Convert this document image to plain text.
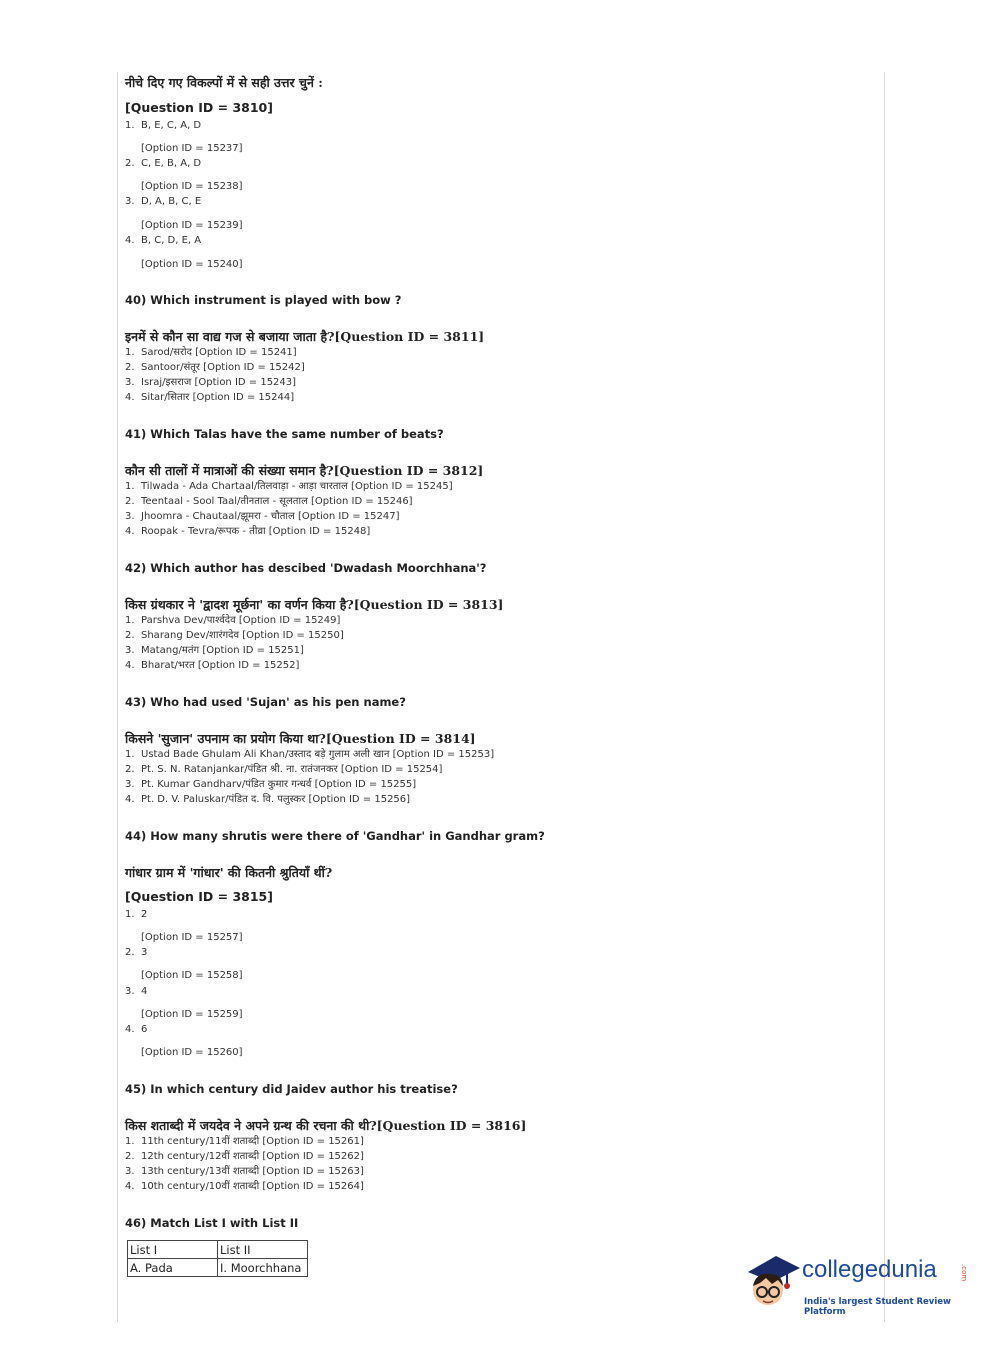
नीचे दिए गए विकल्पों में से सही उत्तर चुनें :
[Question ID = 3810]
1. B, E, C, A, D
[Option ID = 15237]
2. C, E, B, A, D
[Option ID = 15238]
3. D, A, B, C, E
[Option ID = 15239]
4. B, C, D, E, A
[Option ID = 15240]
40) Which instrument is played with bow ?
इनमें से कौन सा वाद्य गज से बजाया जाता है?[Question ID = 3811]
1. Sarod/सरोद [Option ID = 15241]
2. Santoor/संतूर [Option ID = 15242]
3. Israj/इसराज [Option ID = 15243]
4. Sitar/सितार [Option ID = 15244]
41) Which Talas have the same number of beats?
कौन सी तालों में मात्राओं की संख्या समान है?[Question ID = 3812]
1. Tilwada - Ada Chartaal/तिलवाड़ा - आड़ा चारताल [Option ID = 15245]
2. Teentaal - Sool Taal/तीनताल - सूलताल [Option ID = 15246]
3. Jhoomra - Chautaal/झूमरा - चौताल [Option ID = 15247]
4. Roopak - Tevra/रूपक - तीव्रा [Option ID = 15248]
42) Which author has descibed 'Dwadash Moorchhana'?
किस ग्रंथकार ने 'द्वादश मूर्छना' का वर्णन किया है?[Question ID = 3813]
1. Parshva Dev/पार्श्वदेव [Option ID = 15249]
2. Sharang Dev/शारंगदेव [Option ID = 15250]
3. Matang/मतंग [Option ID = 15251]
4. Bharat/भरत [Option ID = 15252]
43) Who had used 'Sujan' as his pen name?
किसने 'सुजान' उपनाम का प्रयोग किया था?[Question ID = 3814]
1. Ustad Bade Ghulam Ali Khan/उस्ताद बड़े गुलाम अली खान [Option ID = 15253]
2. Pt. S. N. Ratanjankar/पंडित श्री. ना. रातंजनकर [Option ID = 15254]
3. Pt. Kumar Gandharv/पंडित कुमार गन्धर्व [Option ID = 15255]
4. Pt. D. V. Paluskar/पंडित द. वि. पलुस्कर [Option ID = 15256]
44) How many shrutis were there of 'Gandhar' in Gandhar gram?
गांधार ग्राम में 'गांधार' की कितनी श्रुतियाँ थीं?
[Question ID = 3815]
1. 2
[Option ID = 15257]
2. 3
[Option ID = 15258]
3. 4
[Option ID = 15259]
4. 6
[Option ID = 15260]
45) In which century did Jaidev author his treatise?
किस शताब्दी में जयदेव ने अपने ग्रन्थ की रचना की थी?[Question ID = 3816]
1. 11th century/11वीं शताब्दी [Option ID = 15261]
2. 12th century/12वीं शताब्दी [Option ID = 15262]
3. 13th century/13वीं शताब्दी [Option ID = 15263]
4. 10th century/10वीं शताब्दी [Option ID = 15264]
46) Match List I with List II
List I	List II
A. Pada	I. Moorchhana	collegedunia	.com
India's largest Student Review Platform
